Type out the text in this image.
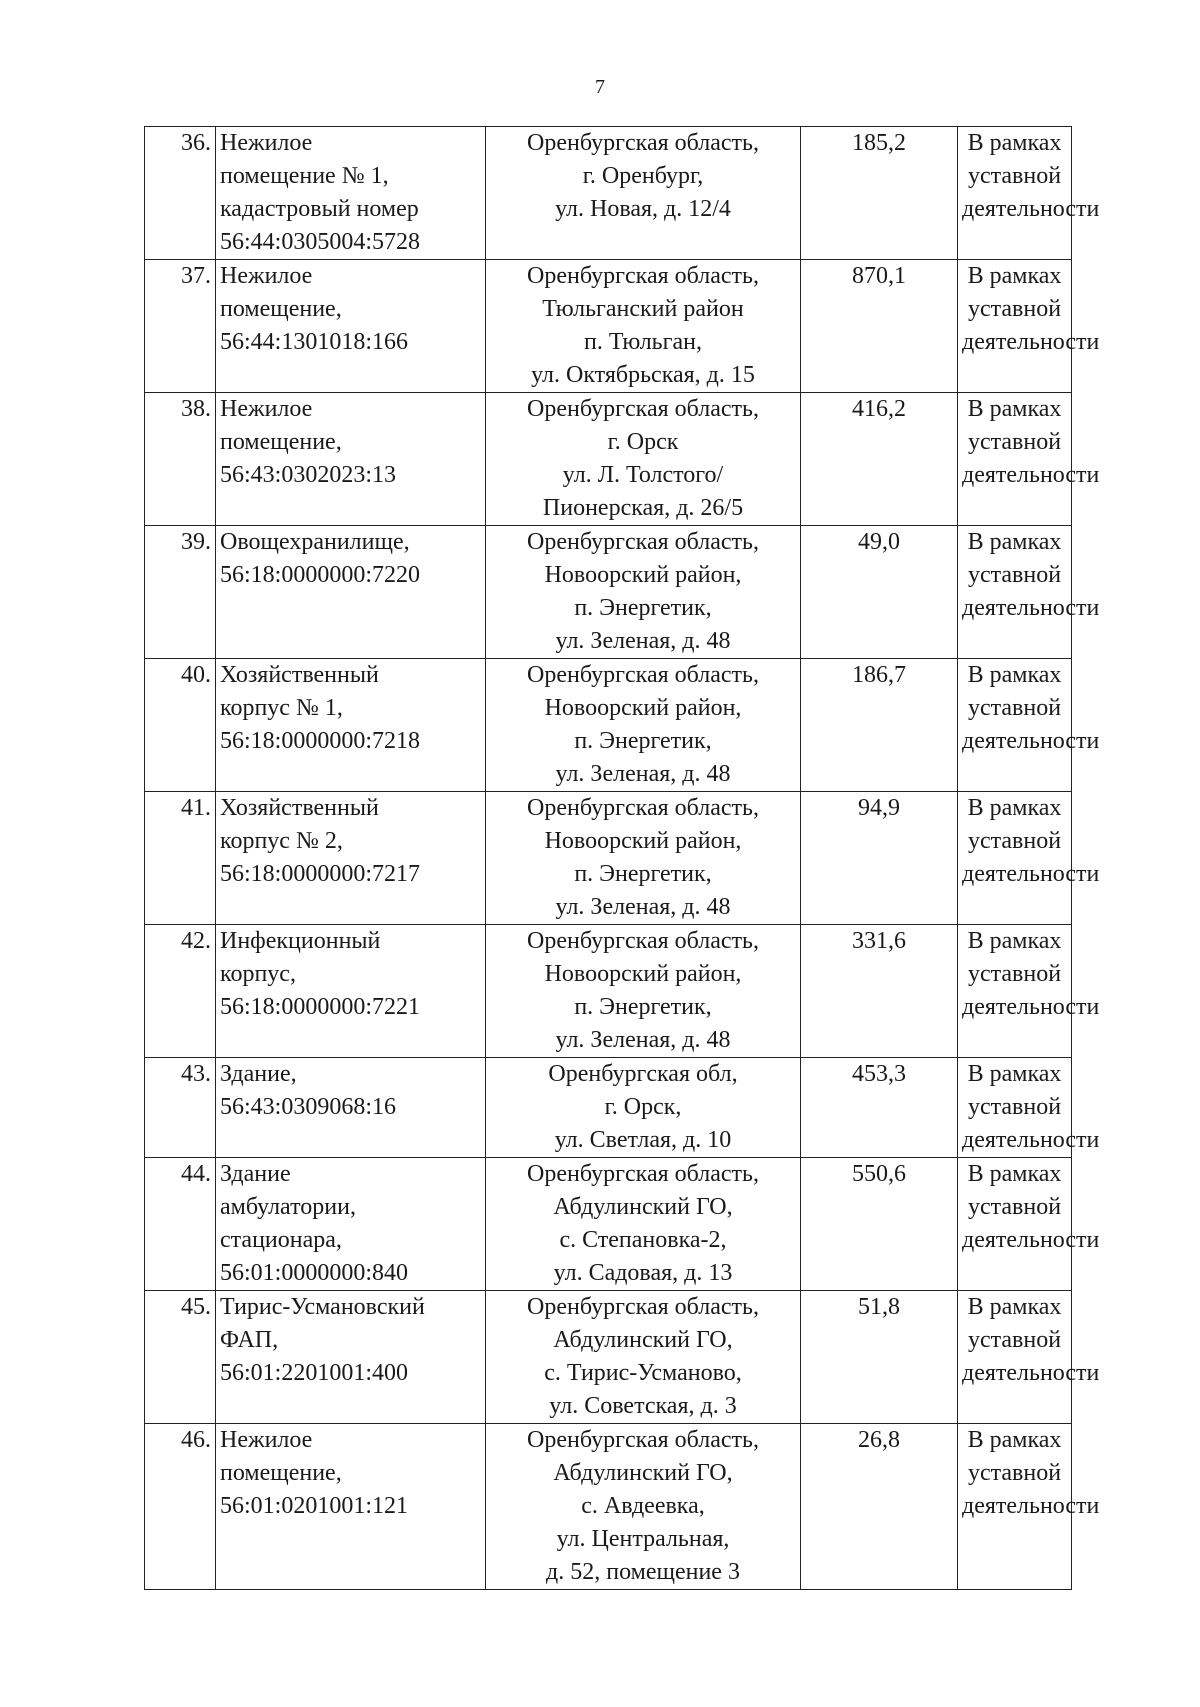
7
36.	Нежилое
помещение № 1,
кадастровый номер
56:44:0305004:5728	Оренбургская область,
г. Оренбург,
ул. Новая, д. 12/4	185,2	В рамках
уставной
деятельности

37.	Нежилое
помещение,
56:44:1301018:166	Оренбургская область,
Тюльганский район
п. Тюльган,
ул. Октябрьская, д. 15	870,1	В рамках
уставной
деятельности

38.	Нежилое
помещение,
56:43:0302023:13	Оренбургская область,
г. Орск
ул. Л. Толстого/
Пионерская, д. 26/5	416,2	В рамках
уставной
деятельности

39.	Овощехранилище,
56:18:0000000:7220	Оренбургская область,
Новоорский район,
п. Энергетик,
ул. Зеленая, д. 48	49,0	В рамках
уставной
деятельности

40.	Хозяйственный
корпус № 1,
56:18:0000000:7218	Оренбургская область,
Новоорский район,
п. Энергетик,
ул. Зеленая, д. 48	186,7	В рамках
уставной
деятельности

41.	Хозяйственный
корпус № 2,
56:18:0000000:7217	Оренбургская область,
Новоорский район,
п. Энергетик,
ул. Зеленая, д. 48	94,9	В рамках
уставной
деятельности

42.	Инфекционный
корпус,
56:18:0000000:7221	Оренбургская область,
Новоорский район,
п. Энергетик,
ул. Зеленая, д. 48	331,6	В рамках
уставной
деятельности

43.	Здание,
56:43:0309068:16	Оренбургская обл,
г. Орск,
ул. Светлая, д. 10	453,3	В рамках
уставной
деятельности

44.	Здание
амбулатории,
стационара,
56:01:0000000:840	Оренбургская область,
Абдулинский ГО,
с. Степановка-2,
ул. Садовая, д. 13	550,6	В рамках
уставной
деятельности

45.	Тирис-Усмановский
ФАП,
56:01:2201001:400	Оренбургская область,
Абдулинский ГО,
с. Тирис-Усманово,
ул. Советская, д. 3	51,8	В рамках
уставной
деятельности

46.	Нежилое
помещение,
56:01:0201001:121	Оренбургская область,
Абдулинский ГО,
с. Авдеевка,
ул. Центральная,
д. 52, помещение 3	26,8	В рамках
уставной
деятельности
